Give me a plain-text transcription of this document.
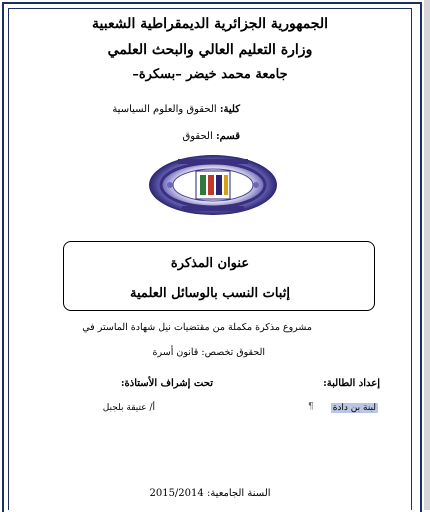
الجمهورية الجزائرية الديمقراطية الشعبية
وزارة التعليم العالي والبحث العلمي
جامعة محمد خيضر –بسكرة–
كلية: الحقوق والعلوم السياسية
قسم: الحقوق
عنوان المذكرة
إثبات النسب بالوسائل العلمية
مشروع مذكرة مكملة من مقتضيات نيل شهادة الماستر في
الحقوق تخصص: قانون أسرة
إعداد الطالبة:
تحت إشراف الأستاذة:
¶ لبنة بن دادة
أ/ عتيقة بلجبل
السنة الجامعية: 2015/2014
